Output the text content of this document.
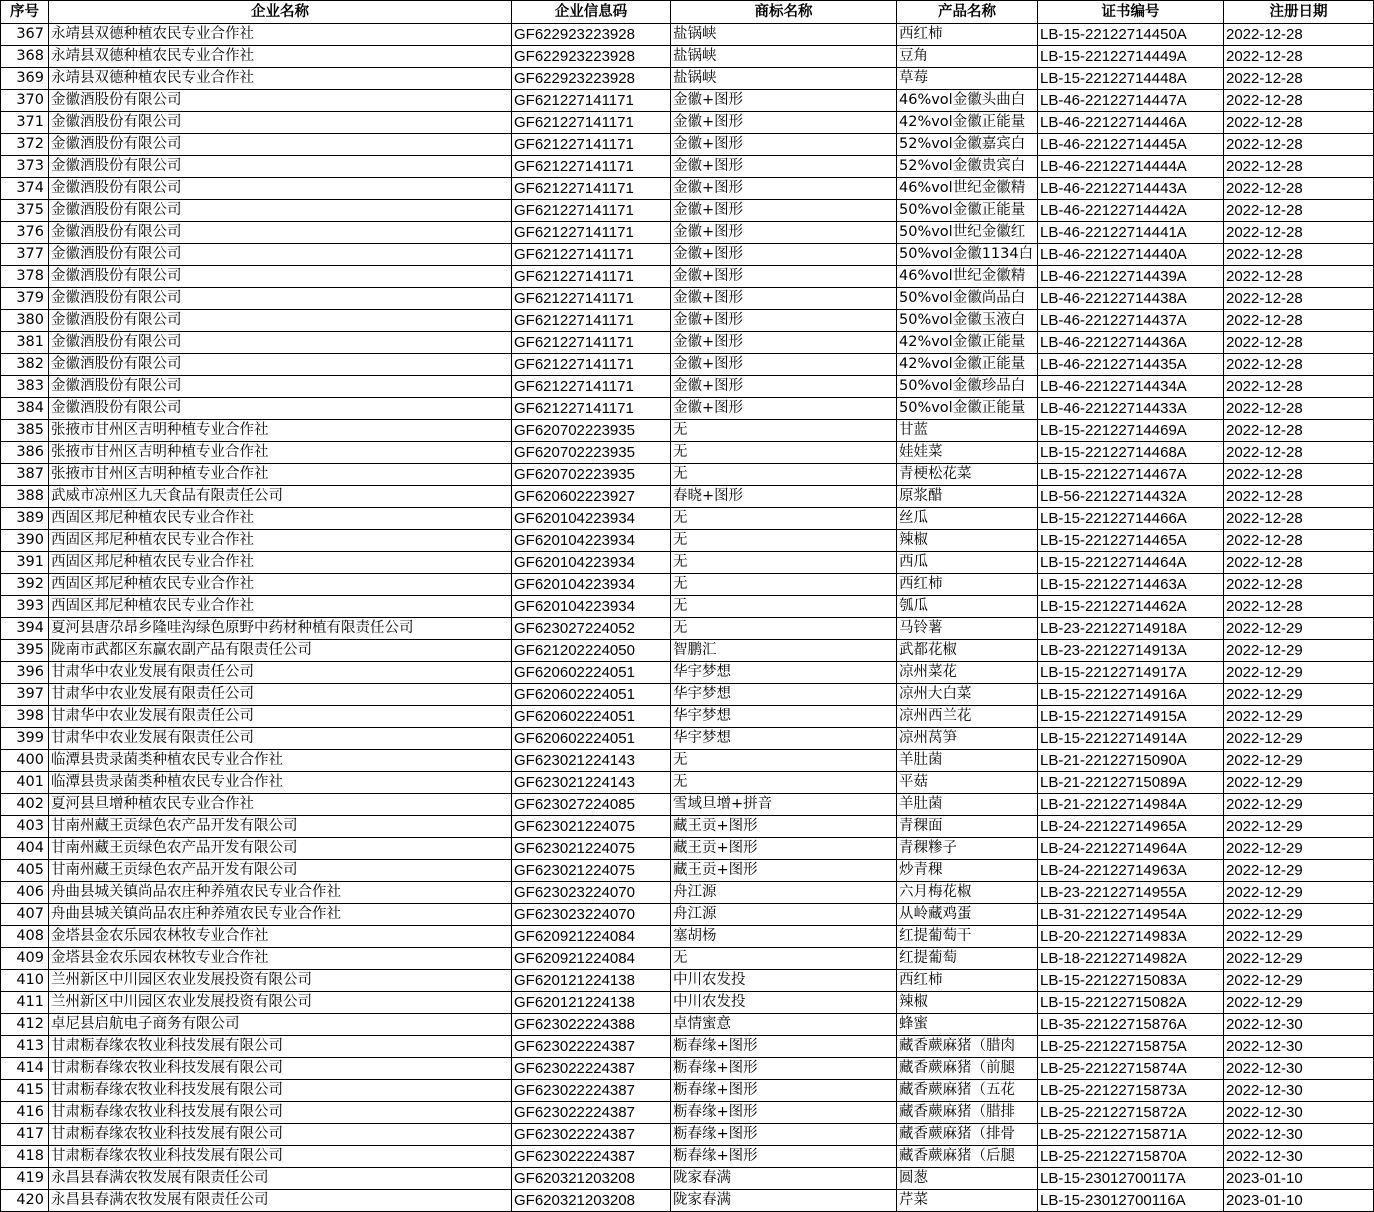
序号	企业名称	企业信息码	商标名称	产品名称	证书编号	注册日期
367	永靖县双德种植农民专业合作社	GF622923223928	盐锅峡	西红柿	LB-15-22122714450A	2022-12-28
368	永靖县双德种植农民专业合作社	GF622923223928	盐锅峡	豆角	LB-15-22122714449A	2022-12-28
369	永靖县双德种植农民专业合作社	GF622923223928	盐锅峡	草莓	LB-15-22122714448A	2022-12-28
370	金徽酒股份有限公司	GF621227141171	金徽+图形	46%vol金徽头曲白	LB-46-22122714447A	2022-12-28
371	金徽酒股份有限公司	GF621227141171	金徽+图形	42%vol金徽正能量	LB-46-22122714446A	2022-12-28
372	金徽酒股份有限公司	GF621227141171	金徽+图形	52%vol金徽嘉宾白	LB-46-22122714445A	2022-12-28
373	金徽酒股份有限公司	GF621227141171	金徽+图形	52%vol金徽贵宾白	LB-46-22122714444A	2022-12-28
374	金徽酒股份有限公司	GF621227141171	金徽+图形	46%vol世纪金徽精	LB-46-22122714443A	2022-12-28
375	金徽酒股份有限公司	GF621227141171	金徽+图形	50%vol金徽正能量	LB-46-22122714442A	2022-12-28
376	金徽酒股份有限公司	GF621227141171	金徽+图形	50%vol世纪金徽红	LB-46-22122714441A	2022-12-28
377	金徽酒股份有限公司	GF621227141171	金徽+图形	50%vol金徽1134白	LB-46-22122714440A	2022-12-28
378	金徽酒股份有限公司	GF621227141171	金徽+图形	46%vol世纪金徽精	LB-46-22122714439A	2022-12-28
379	金徽酒股份有限公司	GF621227141171	金徽+图形	50%vol金徽尚品白	LB-46-22122714438A	2022-12-28
380	金徽酒股份有限公司	GF621227141171	金徽+图形	50%vol金徽玉液白	LB-46-22122714437A	2022-12-28
381	金徽酒股份有限公司	GF621227141171	金徽+图形	42%vol金徽正能量	LB-46-22122714436A	2022-12-28
382	金徽酒股份有限公司	GF621227141171	金徽+图形	42%vol金徽正能量	LB-46-22122714435A	2022-12-28
383	金徽酒股份有限公司	GF621227141171	金徽+图形	50%vol金徽珍品白	LB-46-22122714434A	2022-12-28
384	金徽酒股份有限公司	GF621227141171	金徽+图形	50%vol金徽正能量	LB-46-22122714433A	2022-12-28
385	张掖市甘州区吉明种植专业合作社	GF620702223935	无	甘蓝	LB-15-22122714469A	2022-12-28
386	张掖市甘州区吉明种植专业合作社	GF620702223935	无	娃娃菜	LB-15-22122714468A	2022-12-28
387	张掖市甘州区吉明种植专业合作社	GF620702223935	无	青梗松花菜	LB-15-22122714467A	2022-12-28
388	武威市凉州区九天食品有限责任公司	GF620602223927	春晓+图形	原浆醋	LB-56-22122714432A	2022-12-28
389	西固区邦尼种植农民专业合作社	GF620104223934	无	丝瓜	LB-15-22122714466A	2022-12-28
390	西固区邦尼种植农民专业合作社	GF620104223934	无	辣椒	LB-15-22122714465A	2022-12-28
391	西固区邦尼种植农民专业合作社	GF620104223934	无	西瓜	LB-15-22122714464A	2022-12-28
392	西固区邦尼种植农民专业合作社	GF620104223934	无	西红柿	LB-15-22122714463A	2022-12-28
393	西固区邦尼种植农民专业合作社	GF620104223934	无	瓠瓜	LB-15-22122714462A	2022-12-28
394	夏河县唐尕昂乡隆哇沟绿色原野中药材种植有限责任公司	GF623027224052	无	马铃薯	LB-23-22122714918A	2022-12-29
395	陇南市武都区东赢农副产品有限责任公司	GF621202224050	智鹏汇	武都花椒	LB-23-22122714913A	2022-12-29
396	甘肃华中农业发展有限责任公司	GF620602224051	华宇梦想	凉州菜花	LB-15-22122714917A	2022-12-29
397	甘肃华中农业发展有限责任公司	GF620602224051	华宇梦想	凉州大白菜	LB-15-22122714916A	2022-12-29
398	甘肃华中农业发展有限责任公司	GF620602224051	华宇梦想	凉州西兰花	LB-15-22122714915A	2022-12-29
399	甘肃华中农业发展有限责任公司	GF620602224051	华宇梦想	凉州莴笋	LB-15-22122714914A	2022-12-29
400	临潭县贵录菌类种植农民专业合作社	GF623021224143	无	羊肚菌	LB-21-22122715090A	2022-12-29
401	临潭县贵录菌类种植农民专业合作社	GF623021224143	无	平菇	LB-21-22122715089A	2022-12-29
402	夏河县旦增种植农民专业合作社	GF623027224085	雪域旦增+拼音	羊肚菌	LB-21-22122714984A	2022-12-29
403	甘南州藏王贡绿色农产品开发有限公司	GF623021224075	藏王贡+图形	青稞面	LB-24-22122714965A	2022-12-29
404	甘南州藏王贡绿色农产品开发有限公司	GF623021224075	藏王贡+图形	青稞糁子	LB-24-22122714964A	2022-12-29
405	甘南州藏王贡绿色农产品开发有限公司	GF623021224075	藏王贡+图形	炒青稞	LB-24-22122714963A	2022-12-29
406	舟曲县城关镇尚品农庄种养殖农民专业合作社	GF623023224070	舟江源	六月梅花椒	LB-23-22122714955A	2022-12-29
407	舟曲县城关镇尚品农庄种养殖农民专业合作社	GF623023224070	舟江源	从岭藏鸡蛋	LB-31-22122714954A	2022-12-29
408	金塔县金农乐园农林牧专业合作社	GF620921224084	塞胡杨	红提葡萄干	LB-20-22122714983A	2022-12-29
409	金塔县金农乐园农林牧专业合作社	GF620921224084	无	红提葡萄	LB-18-22122714982A	2022-12-29
410	兰州新区中川园区农业发展投资有限公司	GF620121224138	中川农发投	西红柿	LB-15-22122715083A	2022-12-29
411	兰州新区中川园区农业发展投资有限公司	GF620121224138	中川农发投	辣椒	LB-15-22122715082A	2022-12-29
412	卓尼县启航电子商务有限公司	GF623022224388	卓情蜜意	蜂蜜	LB-35-22122715876A	2022-12-30
413	甘肃粝春缘农牧业科技发展有限公司	GF623022224387	粝春缘+图形	藏香蕨麻猪（腊肉	LB-25-22122715875A	2022-12-30
414	甘肃粝春缘农牧业科技发展有限公司	GF623022224387	粝春缘+图形	藏香蕨麻猪（前腿	LB-25-22122715874A	2022-12-30
415	甘肃粝春缘农牧业科技发展有限公司	GF623022224387	粝春缘+图形	藏香蕨麻猪（五花	LB-25-22122715873A	2022-12-30
416	甘肃粝春缘农牧业科技发展有限公司	GF623022224387	粝春缘+图形	藏香蕨麻猪（腊排	LB-25-22122715872A	2022-12-30
417	甘肃粝春缘农牧业科技发展有限公司	GF623022224387	粝春缘+图形	藏香蕨麻猪（排骨	LB-25-22122715871A	2022-12-30
418	甘肃粝春缘农牧业科技发展有限公司	GF623022224387	粝春缘+图形	藏香蕨麻猪（后腿	LB-25-22122715870A	2022-12-30
419	永昌县春满农牧发展有限责任公司	GF620321203208	陇家春满	圆葱	LB-15-23012700117A	2023-01-10
420	永昌县春满农牧发展有限责任公司	GF620321203208	陇家春满	芹菜	LB-15-23012700116A	2023-01-10
